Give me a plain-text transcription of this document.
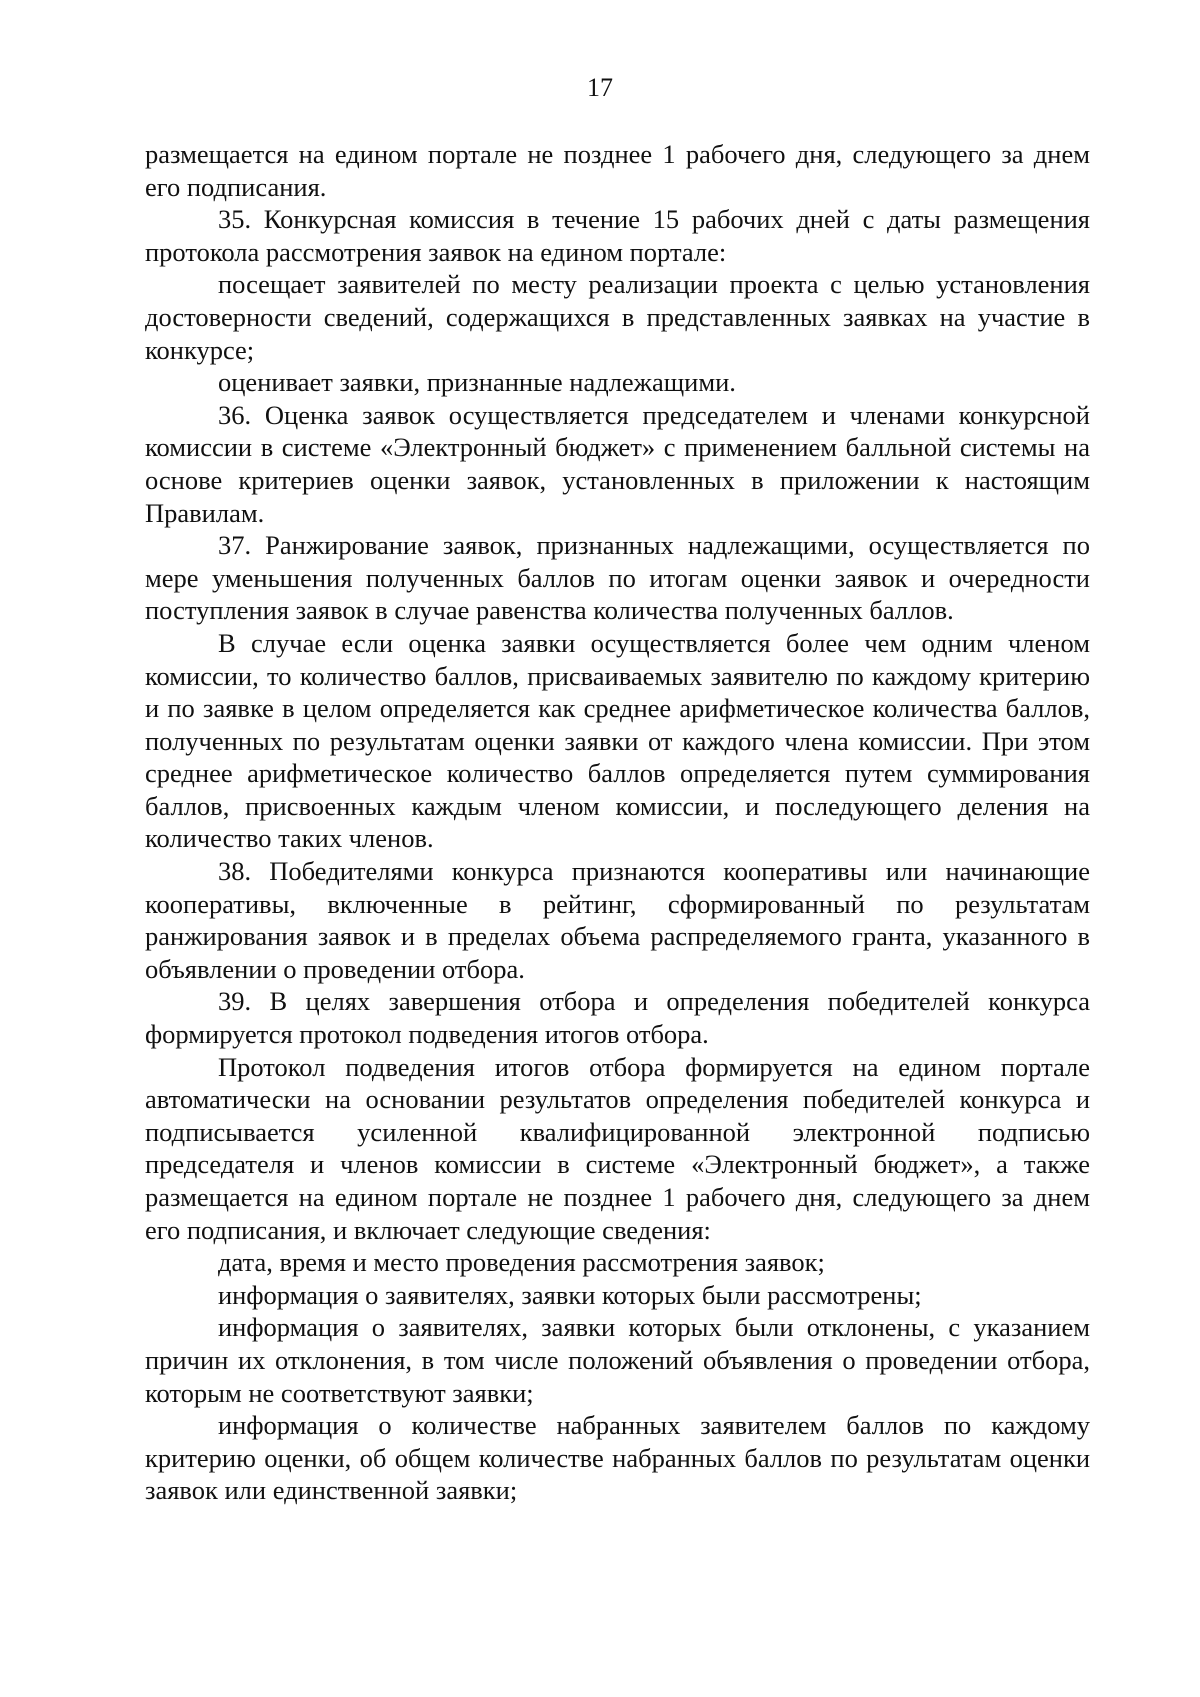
17

размещается на едином портале не позднее 1 рабочего дня, следующего за днем его подписания.

35. Конкурсная комиссия в течение 15 рабочих дней с даты размещения протокола рассмотрения заявок на едином портале:

посещает заявителей по месту реализации проекта с целью установления достоверности сведений, содержащихся в представленных заявках на участие в конкурсе;

оценивает заявки, признанные надлежащими.

36. Оценка заявок осуществляется председателем и членами конкурсной комиссии в системе «Электронный бюджет» с применением балльной системы на основе критериев оценки заявок, установленных в приложении к настоящим Правилам.

37. Ранжирование заявок, признанных надлежащими, осуществляется по мере уменьшения полученных баллов по итогам оценки заявок и очередности поступления заявок в случае равенства количества полученных баллов.

В случае если оценка заявки осуществляется более чем одним членом комиссии, то количество баллов, присваиваемых заявителю по каждому критерию и по заявке в целом определяется как среднее арифметическое количества баллов, полученных по результатам оценки заявки от каждого члена комиссии. При этом среднее арифметическое количество баллов определяется путем суммирования баллов, присвоенных каждым членом комиссии, и последующего деления на количество таких членов.

38. Победителями конкурса признаются кооперативы или начинающие кооперативы, включенные в рейтинг, сформированный по результатам ранжирования заявок и в пределах объема распределяемого гранта, указанного в объявлении о проведении отбора.

39. В целях завершения отбора и определения победителей конкурса формируется протокол подведения итогов отбора.

Протокол подведения итогов отбора формируется на едином портале автоматически на основании результатов определения победителей конкурса и подписывается усиленной квалифицированной электронной подписью председателя и членов комиссии в системе «Электронный бюджет», а также размещается на едином портале не позднее 1 рабочего дня, следующего за днем его подписания, и включает следующие сведения:

дата, время и место проведения рассмотрения заявок;

информация о заявителях, заявки которых были рассмотрены;

информация о заявителях, заявки которых были отклонены, с указанием причин их отклонения, в том числе положений объявления о проведении отбора, которым не соответствуют заявки;

информация о количестве набранных заявителем баллов по каждому критерию оценки, об общем количестве набранных баллов по результатам оценки заявок или единственной заявки;
